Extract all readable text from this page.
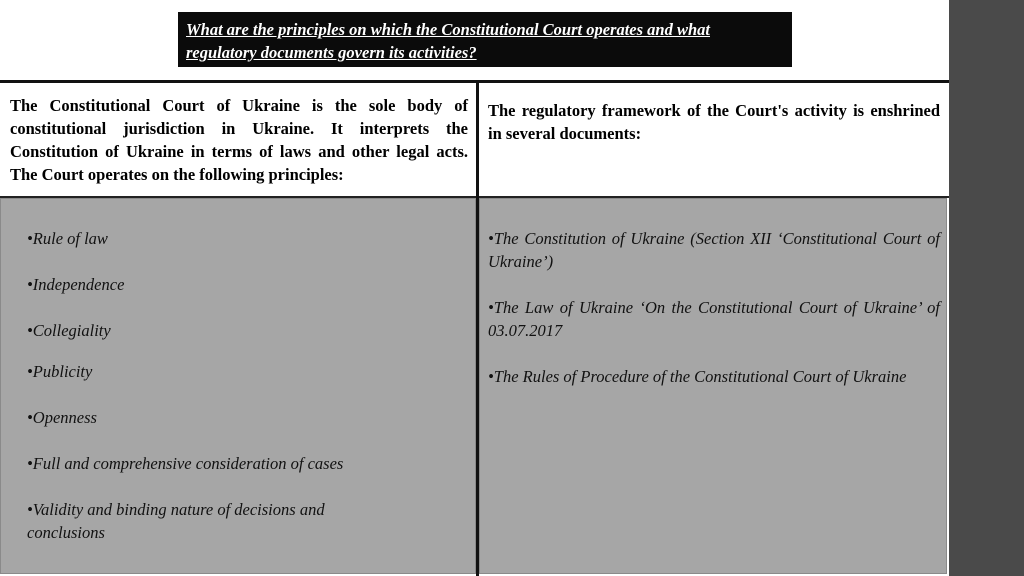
What are the principles on which the Constitutional Court operates and what regulatory documents govern its activities?
The Constitutional Court of Ukraine is the sole body of constitutional jurisdiction in Ukraine. It interprets the Constitution of Ukraine in terms of laws and other legal acts. The Court operates on the following principles:
The regulatory framework of the Court's activity is enshrined in several documents:
•Rule of law
•Independence
•Collegiality
•Publicity
•Openness
•Full and comprehensive consideration of cases
•Validity and binding nature of decisions and conclusions
•The Constitution of Ukraine (Section XII ‘Constitutional Court of Ukraine’)
•The Law of Ukraine ‘On the Constitutional Court of Ukraine’ of 03.07.2017
•The Rules of Procedure of the Constitutional Court of Ukraine
